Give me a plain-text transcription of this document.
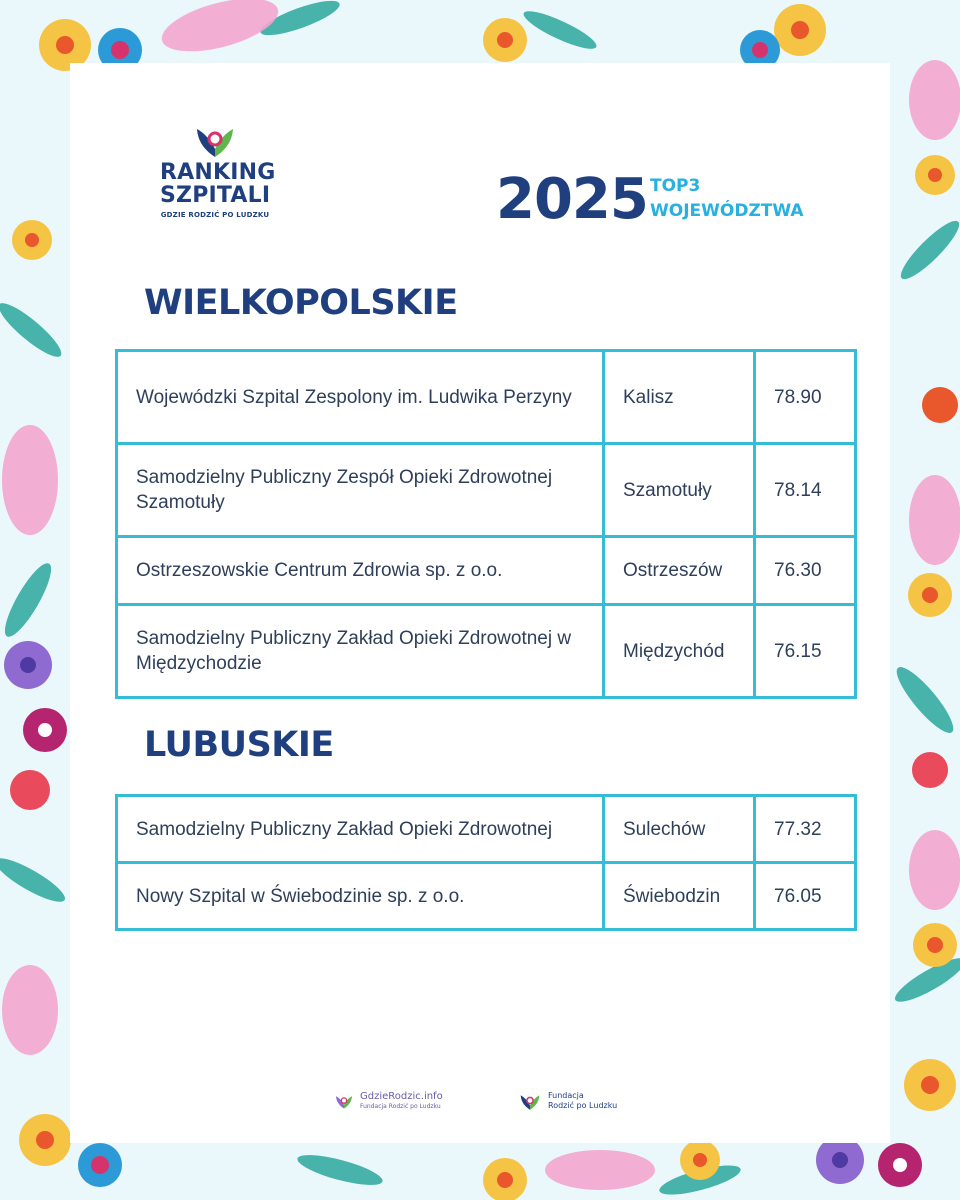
RANKING
SZPITALI
GDZIE RODZIĆ PO LUDZKU	2025 TOP3
WOJEWÓDZTWA
WIELKOPOLSKIE
Wojewódzki Szpital Zespolony im. Ludwika Perzyny	Kalisz	78.90
Samodzielny Publiczny Zespół Opieki Zdrowotnej Szamotuły	Szamotuły	78.14
Ostrzeszowskie Centrum Zdrowia sp. z o.o.	Ostrzeszów	76.30
Samodzielny Publiczny Zakład Opieki Zdrowotnej w Międzychodzie	Międzychód	76.15
LUBUSKIE
Samodzielny Publiczny Zakład Opieki Zdrowotnej	Sulechów	77.32
Nowy Szpital w Świebodzinie sp. z o.o.	Świebodzin	76.05
GdzieRodzic.info
Fundacja Rodzić po Ludzku
Fundacja
Rodzić po Ludzku
